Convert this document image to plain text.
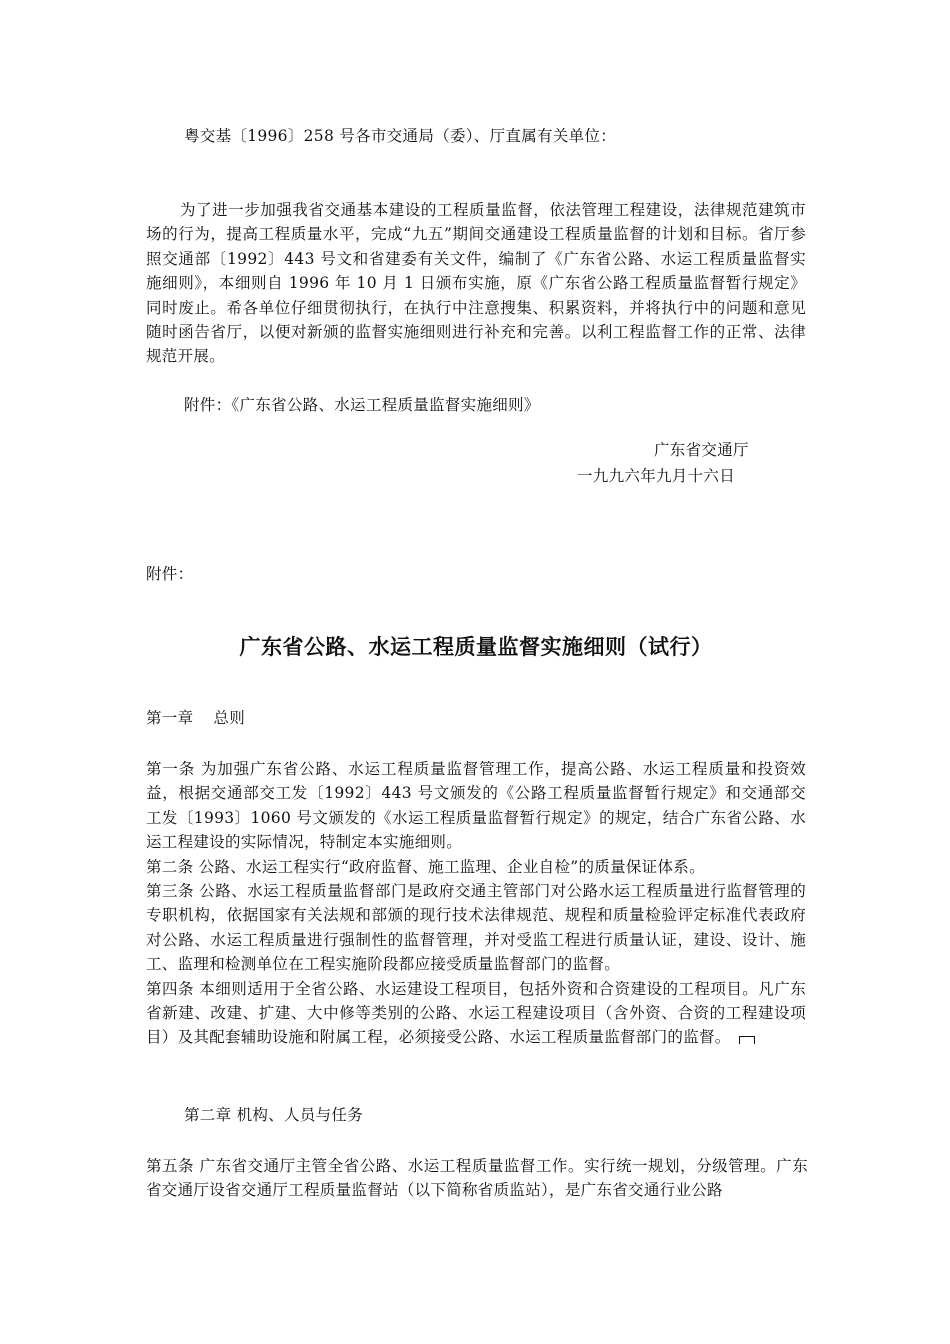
粤交基〔1996〕258 号各市交通局（委）、厅直属有关单位：
为了进一步加强我省交通基本建设的工程质量监督，依法管理工程建设，法律规范建筑市场的行为，提高工程质量水平，完成“九五”期间交通建设工程质量监督的计划和目标。省厅参照交通部〔1992〕443 号文和省建委有关文件，编制了《广东省公路、水运工程质量监督实施细则》，本细则自 1996 年 10 月 1 日颁布实施，原《广东省公路工程质量监督暂行规定》同时废止。希各单位仔细贯彻执行，在执行中注意搜集、积累资料，并将执行中的问题和意见随时函告省厅，以便对新颁的监督实施细则进行补充和完善。以利工程监督工作的正常、法律规范开展。
附件：《广东省公路、水运工程质量监督实施细则》
广东省交通厅
一九九六年九月十六日
附件：
广东省公路、水运工程质量监督实施细则（试行）
第一章 总则

第一条 为加强广东省公路、水运工程质量监督管理工作，提高公路、水运工程质量和投资效益，根据交通部交工发〔1992〕443 号文颁发的《公路工程质量监督暂行规定》和交通部交工发〔1993〕1060 号文颁发的《水运工程质量监督暂行规定》的规定，结合广东省公路、水运工程建设的实际情况，特制定本实施细则。

第二条 公路、水运工程实行“政府监督、施工监理、企业自检”的质量保证体系。

第三条 公路、水运工程质量监督部门是政府交通主管部门对公路水运工程质量进行监督管理的专职机构，依据国家有关法规和部颁的现行技术法律规范、规程和质量检验评定标准代表政府对公路、水运工程质量进行强制性的监督管理，并对受监工程进行质量认证，建设、设计、施工、监理和检测单位在工程实施阶段都应接受质量监督部门的监督。

第四条 本细则适用于全省公路、水运建设工程项目，包括外资和合资建设的工程项目。凡广东省新建、改建、扩建、大中修等类别的公路、水运工程建设项目（含外资、合资的工程建设项目）及其配套辅助设施和附属工程，必须接受公路、水运工程质量监督部门的监督。

第二章 机构、人员与任务

第五条 广东省交通厅主管全省公路、水运工程质量监督工作。实行统一规划，分级管理。广东省交通厅设省交通厅工程质量监督站（以下简称省质监站），是广东省交通行业公路
